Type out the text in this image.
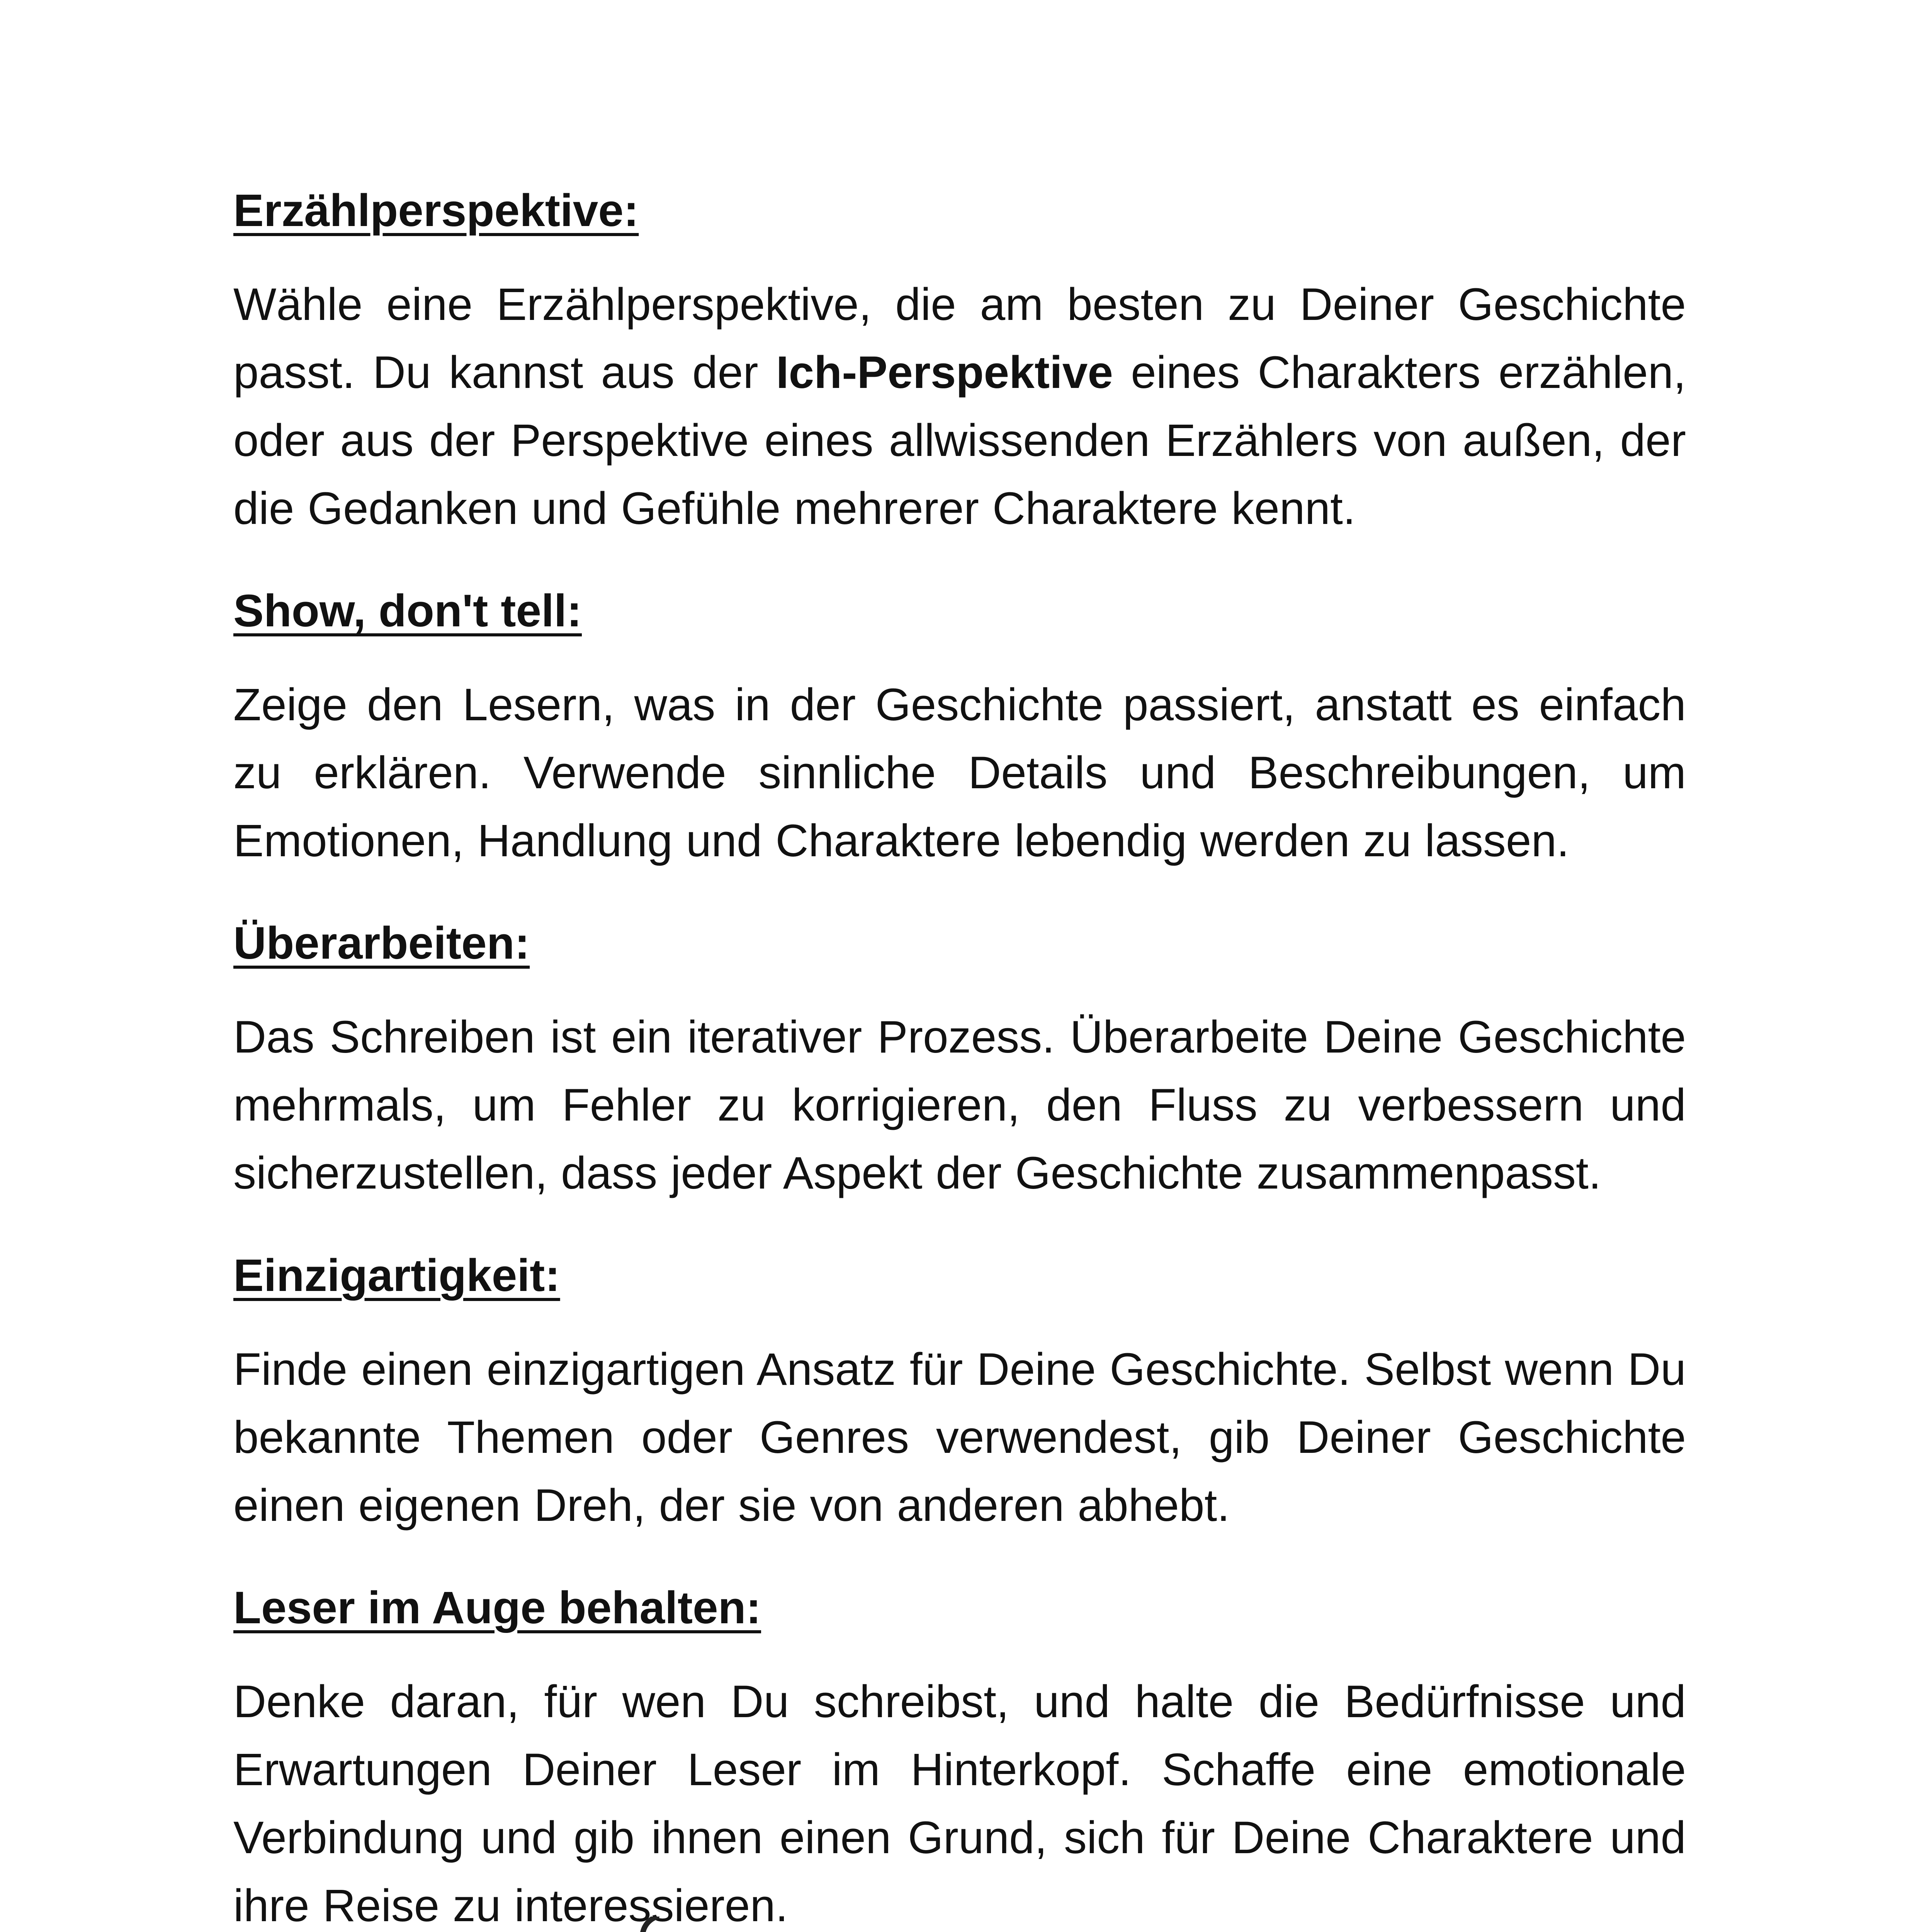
Erzählperspektive:

Wähle eine Erzählperspektive, die am besten zu Deiner Geschichte passt. Du kannst aus der Ich-Perspektive eines Charakters erzählen, oder aus der Perspektive eines allwissenden Erzählers von außen, der die Gedanken und Gefühle mehrerer Charaktere kennt.

Show, don't tell:

Zeige den Lesern, was in der Geschichte passiert, anstatt es einfach zu erklären. Verwende sinnliche Details und Beschreibungen, um Emotionen, Handlung und Charaktere lebendig werden zu lassen.

Überarbeiten:

Das Schreiben ist ein iterativer Prozess. Überarbeite Deine Geschichte mehrmals, um Fehler zu korrigieren, den Fluss zu verbessern und sicherzustellen, dass jeder Aspekt der Geschichte zusammenpasst.

Einzigartigkeit:

Finde einen einzigartigen Ansatz für Deine Geschichte. Selbst wenn Du bekannte Themen oder Genres verwendest, gib Deiner Geschichte einen eigenen Dreh, der sie von anderen abhebt.

Leser im Auge behalten:

Denke daran, für wen Du schreibst, und halte die Bedürfnisse und Erwartungen Deiner Leser im Hinterkopf. Schaffe eine emotionale Verbindung und gib ihnen einen Grund, sich für Deine Charaktere und ihre Reise zu interessieren.
